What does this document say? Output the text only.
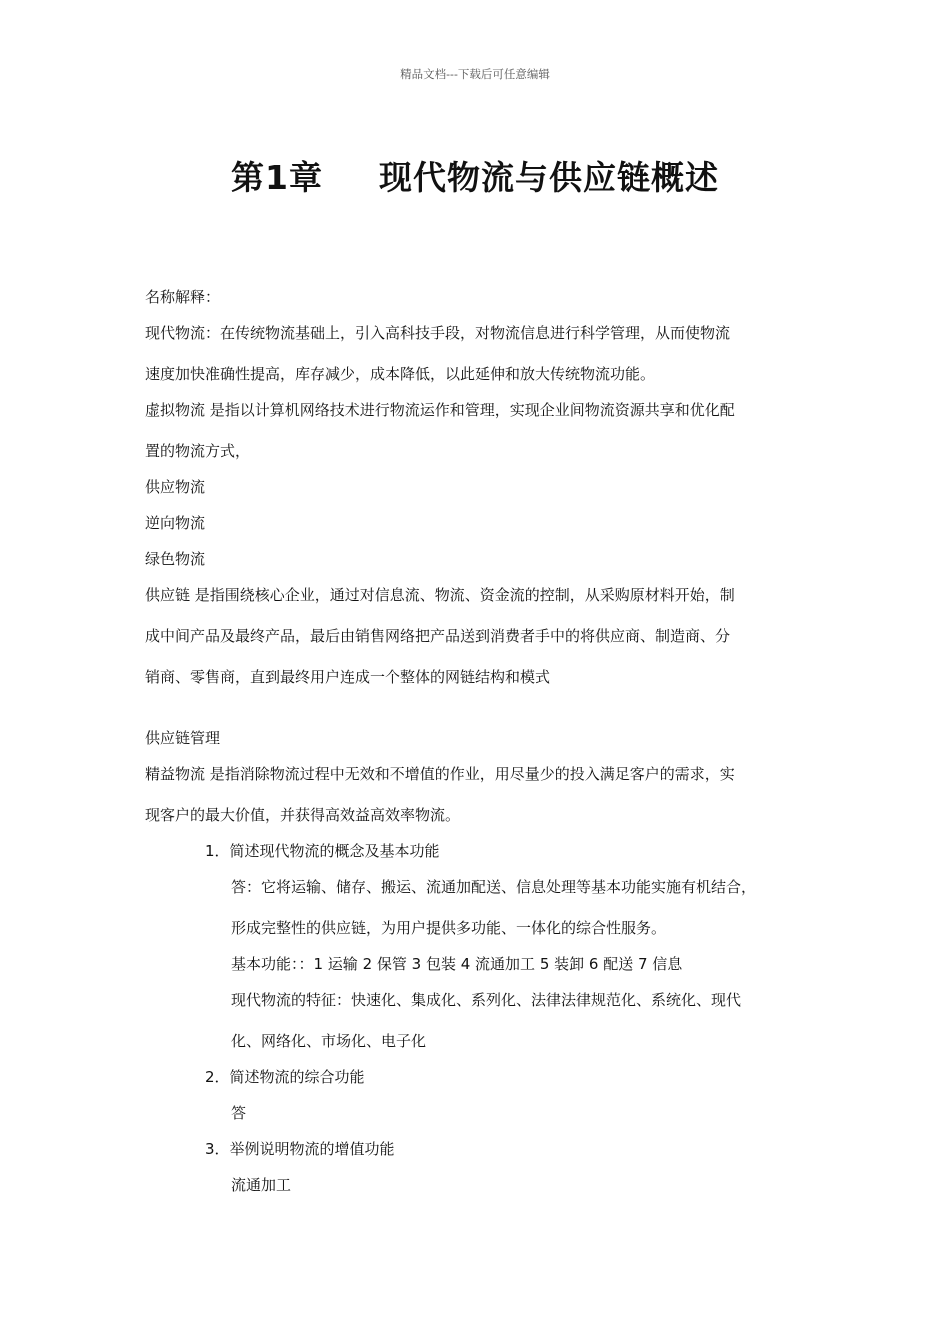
精品文档---下载后可任意编辑
第1章 现代物流与供应链概述
名称解释：
现代物流：在传统物流基础上，引入高科技手段，对物流信息进行科学管理，从而使物流
速度加快准确性提高，库存减少，成本降低，以此延伸和放大传统物流功能。
虚拟物流 是指以计算机网络技术进行物流运作和管理，实现企业间物流资源共享和优化配
置的物流方式，
供应物流
逆向物流
绿色物流
供应链 是指围绕核心企业，通过对信息流、物流、资金流的控制，从采购原材料开始，制
成中间产品及最终产品，最后由销售网络把产品送到消费者手中的将供应商、制造商、分
销商、零售商，直到最终用户连成一个整体的网链结构和模式
供应链管理
精益物流 是指消除物流过程中无效和不增值的作业，用尽量少的投入满足客户的需求，实
现客户的最大价值，并获得高效益高效率物流。
1．简述现代物流的概念及基本功能
答：它将运输、储存、搬运、流通加配送、信息处理等基本功能实施有机结合，
形成完整性的供应链，为用户提供多功能、一体化的综合性服务。
基本功能：：1 运输 2 保管 3 包装 4 流通加工 5 装卸 6 配送 7 信息
现代物流的特征：快速化、集成化、系列化、法律法律规范化、系统化、现代
化、网络化、市场化、电子化
2．简述物流的综合功能
答
3．举例说明物流的增值功能
流通加工
